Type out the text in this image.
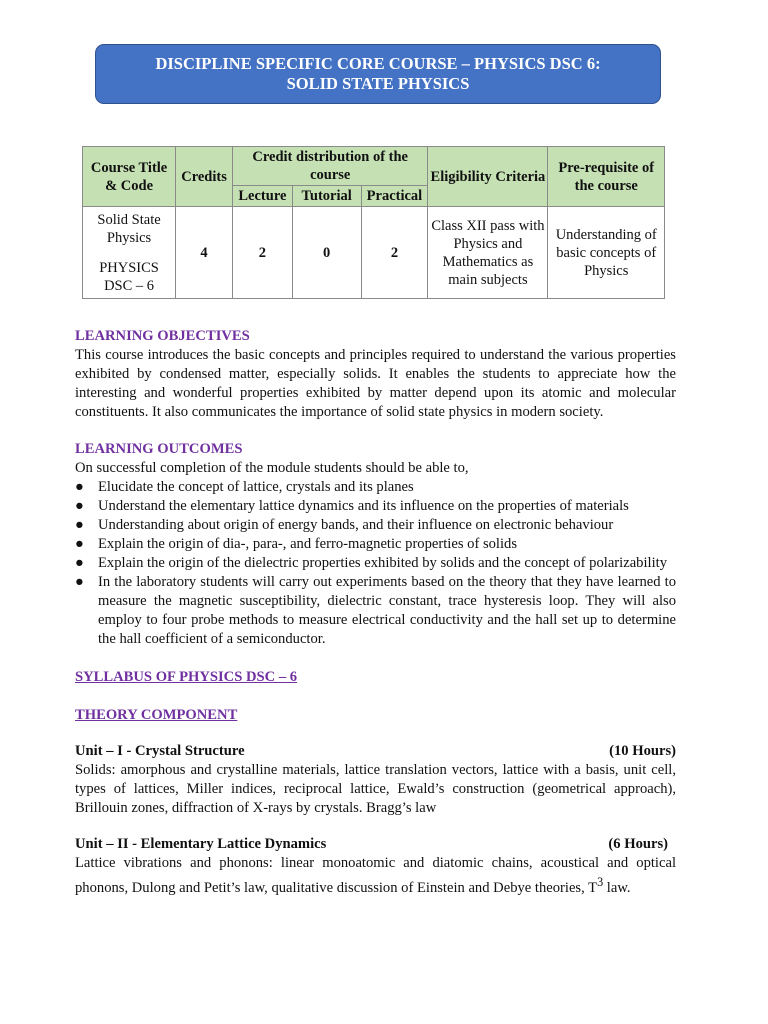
DISCIPLINE SPECIFIC CORE COURSE – PHYSICS DSC 6:
SOLID STATE PHYSICS
Course Title & Code	Credits	Credit distribution of the course			Eligibility Criteria	Pre-requisite of the course
		Lecture	Tutorial	Practical		

Solid State Physics
PHYSICS DSC – 6	4	2	0	2	Class XII pass with Physics and Mathematics as main subjects	Understanding of basic concepts of Physics
LEARNING OBJECTIVES

This course introduces the basic concepts and principles required to understand the various properties exhibited by condensed matter, especially solids. It enables the students to appreciate how the interesting and wonderful properties exhibited by matter depend upon its atomic and molecular constituents. It also communicates the importance of solid state physics in modern society.

LEARNING OUTCOMES

On successful completion of the module students should be able to,

● Elucidate the concept of lattice, crystals and its planes
● Understand the elementary lattice dynamics and its influence on the properties of materials
● Understanding about origin of energy bands, and their influence on electronic behaviour
● Explain the origin of dia-, para-, and ferro-magnetic properties of solids
● Explain the origin of the dielectric properties exhibited by solids and the concept of polarizability
● In the laboratory students will carry out experiments based on the theory that they have learned to measure the magnetic susceptibility, dielectric constant, trace hysteresis loop. They will also employ to four probe methods to measure electrical conductivity and the hall set up to determine the hall coefficient of a semiconductor.
SYLLABUS OF PHYSICS DSC – 6
THEORY COMPONENT
Unit – I - Crystal Structure	(10 Hours)
Solids: amorphous and crystalline materials, lattice translation vectors, lattice with a basis, unit cell, types of lattices, Miller indices, reciprocal lattice, Ewald’s construction (geometrical approach), Brillouin zones, diffraction of X-rays by crystals. Bragg’s law
Unit – II - Elementary Lattice Dynamics	(6 Hours)
Lattice vibrations and phonons: linear monoatomic and diatomic chains, acoustical and optical phonons, Dulong and Petit’s law, qualitative discussion of Einstein and Debye theories, $T^3$ law.
